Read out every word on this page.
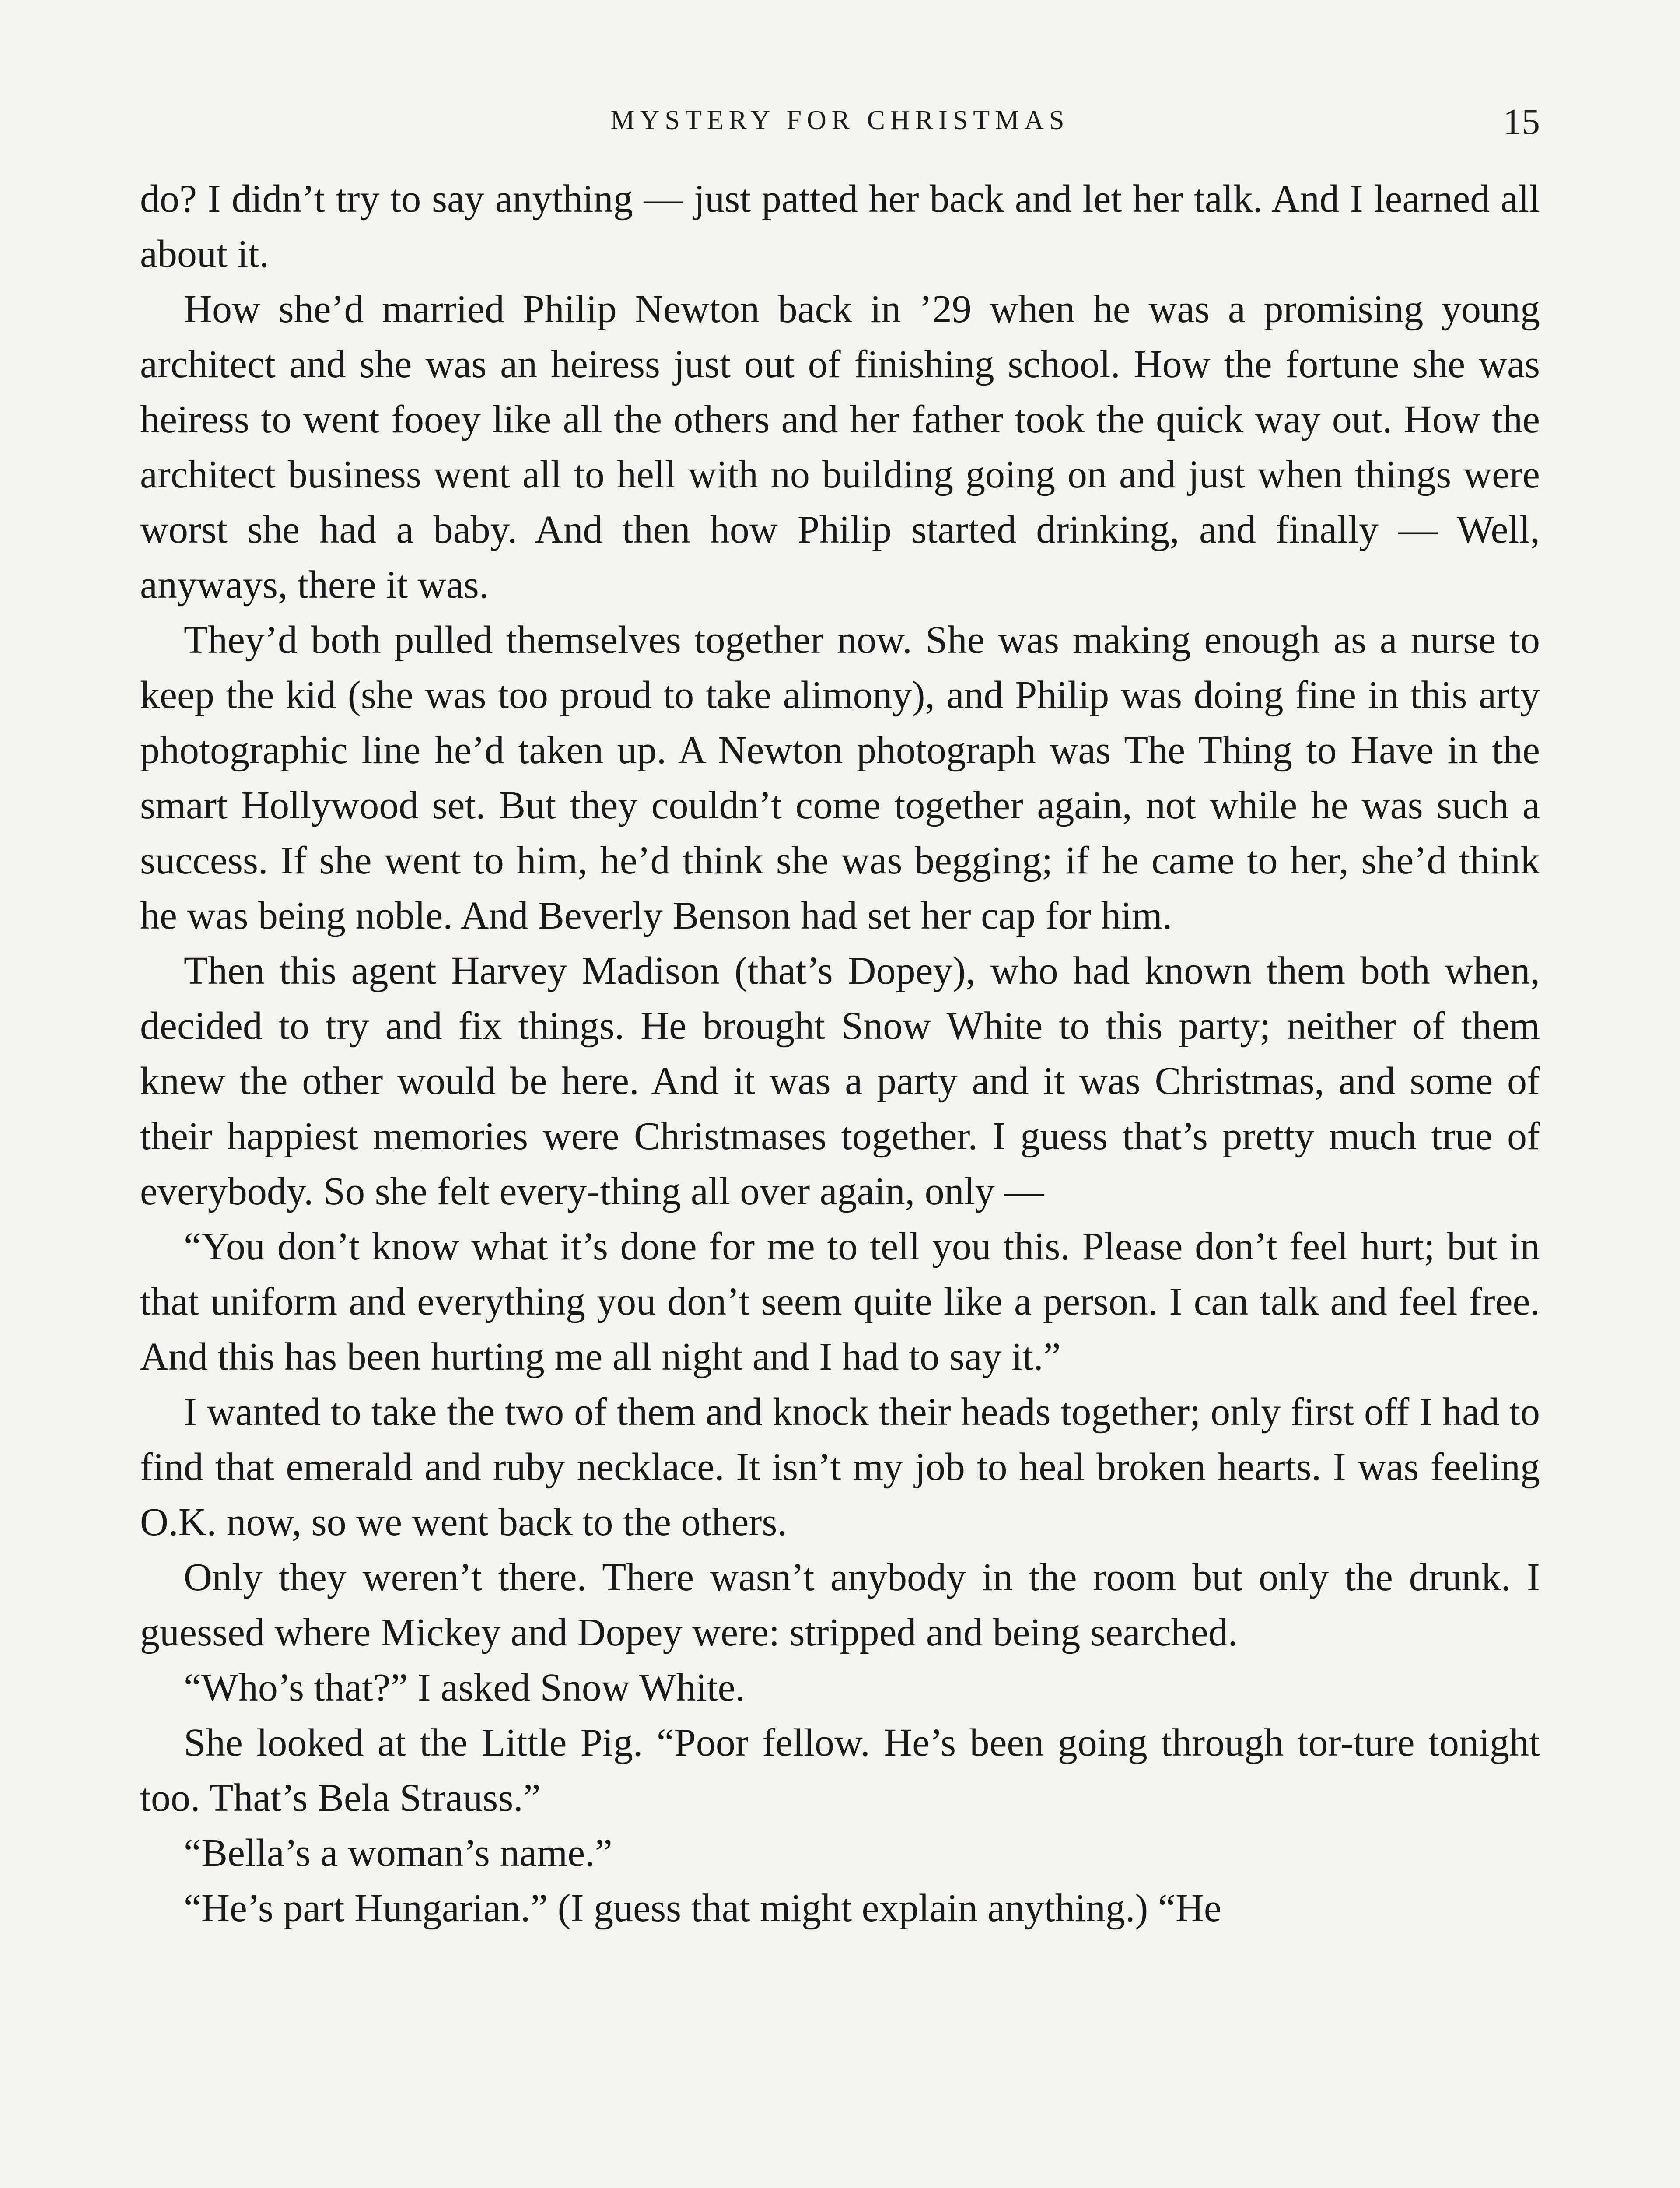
MYSTERY FOR CHRISTMAS	15

do? I didn’t try to say anything — just patted her back and let her talk. And I learned all about it.

How she’d married Philip Newton back in ’29 when he was a promising young architect and she was an heiress just out of finishing school. How the fortune she was heiress to went fooey like all the others and her father took the quick way out. How the architect business went all to hell with no building going on and just when things were worst she had a baby. And then how Philip started drinking, and finally — Well, anyways, there it was.

They’d both pulled themselves together now. She was making enough as a nurse to keep the kid (she was too proud to take alimony), and Philip was doing fine in this arty photographic line he’d taken up. A Newton photograph was The Thing to Have in the smart Hollywood set. But they couldn’t come together again, not while he was such a success. If she went to him, he’d think she was begging; if he came to her, she’d think he was being noble. And Beverly Benson had set her cap for him.

Then this agent Harvey Madison (that’s Dopey), who had known them both when, decided to try and fix things. He brought Snow White to this party; neither of them knew the other would be here. And it was a party and it was Christmas, and some of their happiest memories were Christmases together. I guess that’s pretty much true of everybody. So she felt every-thing all over again, only —

“You don’t know what it’s done for me to tell you this. Please don’t feel hurt; but in that uniform and everything you don’t seem quite like a person. I can talk and feel free. And this has been hurting me all night and I had to say it.”

I wanted to take the two of them and knock their heads together; only first off I had to find that emerald and ruby necklace. It isn’t my job to heal broken hearts. I was feeling O.K. now, so we went back to the others.

Only they weren’t there. There wasn’t anybody in the room but only the drunk. I guessed where Mickey and Dopey were: stripped and being searched.

“Who’s that?” I asked Snow White.

She looked at the Little Pig. “Poor fellow. He’s been going through tor-ture tonight too. That’s Bela Strauss.”

“Bella’s a woman’s name.”

“He’s part Hungarian.” (I guess that might explain anything.) “He
